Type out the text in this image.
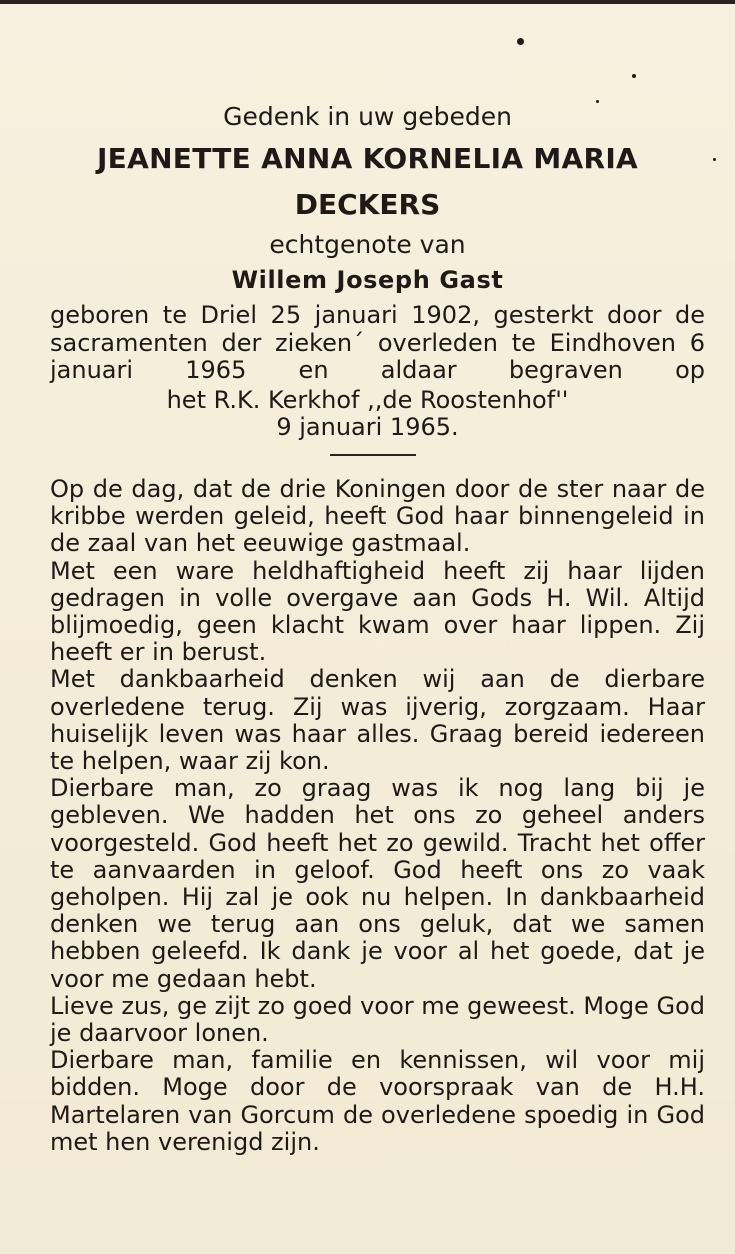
Gedenk in uw gebeden
JEANETTE ANNA KORNELIA MARIA
DECKERS
echtgenote van
Willem Joseph Gast
geboren te Driel 25 januari 1902, gesterkt door de sacramenten der zieken´ overleden te Eindhoven 6 januari 1965 en aldaar begraven op
het R.K. Kerkhof ,,de Roostenhof''
9 januari 1965.

Op de dag, dat de drie Koningen door de ster naar de kribbe werden geleid, heeft God haar binnengeleid in de zaal van het eeuwige gastmaal.

Met een ware heldhaftigheid heeft zij haar lijden gedragen in volle overgave aan Gods H. Wil. Altijd blijmoedig, geen klacht kwam over haar lippen. Zij heeft er in berust.

Met dankbaarheid denken wij aan de dierbare overledene terug. Zij was ijverig, zorgzaam. Haar huiselijk leven was haar alles. Graag bereid iedereen te helpen, waar zij kon.

Dierbare man, zo graag was ik nog lang bij je gebleven. We hadden het ons zo geheel anders voorgesteld. God heeft het zo gewild. Tracht het offer te aanvaarden in geloof. God heeft ons zo vaak geholpen. Hij zal je ook nu helpen. In dankbaarheid denken we terug aan ons geluk, dat we samen hebben geleefd. Ik dank je voor al het goede, dat je voor me gedaan hebt.

Lieve zus, ge zijt zo goed voor me geweest. Moge God je daarvoor lonen.

Dierbare man, familie en kennissen, wil voor mij bidden. Moge door de voorspraak van de H.H. Martelaren van Gorcum de overledene spoedig in God met hen verenigd zijn.
